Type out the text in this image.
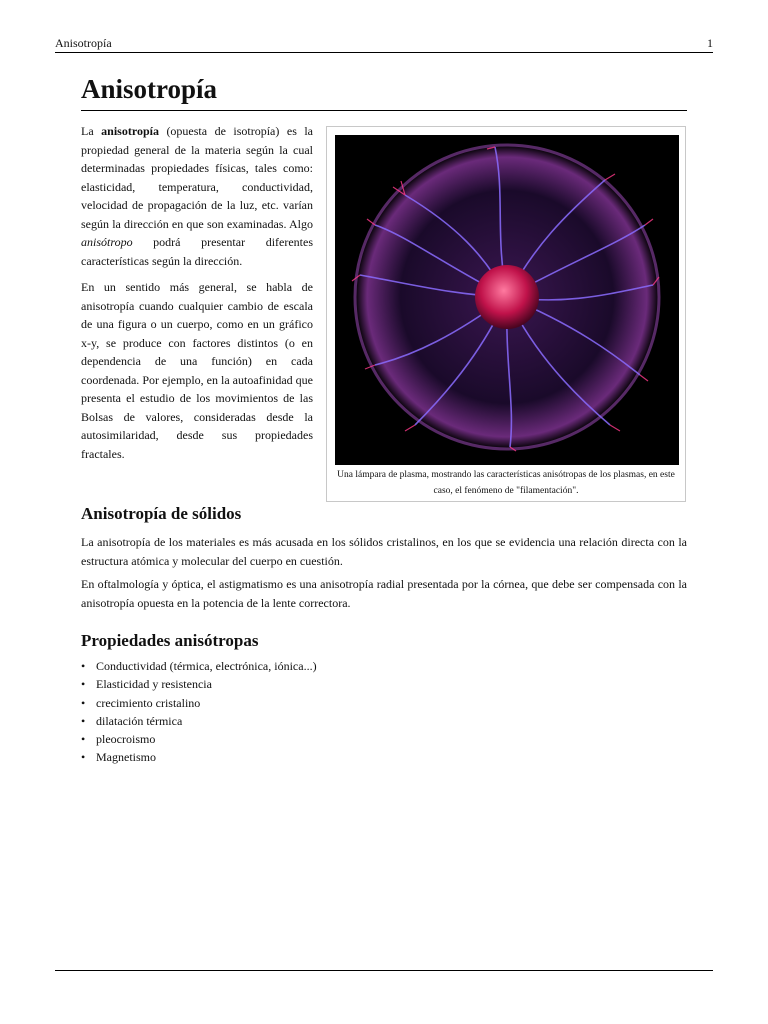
Anisotropía	1
Anisotropía

La anisotropía (opuesta de isotropía) es la propiedad general de la materia según la cual determinadas propiedades físicas, tales como: elasticidad, temperatura, conductividad, velocidad de propagación de la luz, etc. varían según la dirección en que son examinadas. Algo anisótropo podrá presentar diferentes características según la dirección.

En un sentido más general, se habla de anisotropía cuando cualquier cambio de escala de una figura o un cuerpo, como en un gráfico x-y, se produce con factores distintos (o en dependencia de una función) en cada coordenada. Por ejemplo, en la autoafinidad que presenta el estudio de los movimientos de las Bolsas de valores, consideradas desde la autosimilaridad, desde sus propiedades fractales.

Una lámpara de plasma, mostrando las características anisótropas de los plasmas, en este caso, el fenómeno de "filamentación".
Anisotropía de sólidos

La anisotropía de los materiales es más acusada en los sólidos cristalinos, en los que se evidencia una relación directa con la estructura atómica y molecular del cuerpo en cuestión.

En oftalmología y óptica, el astigmatismo es una anisotropía radial presentada por la córnea, que debe ser compensada con la anisotropía opuesta en la potencia de la lente correctora.

Propiedades anisótropas
• Conductividad (térmica, electrónica, iónica...)
• Elasticidad y resistencia
• crecimiento cristalino
• dilatación térmica
• pleocroismo
• Magnetismo
